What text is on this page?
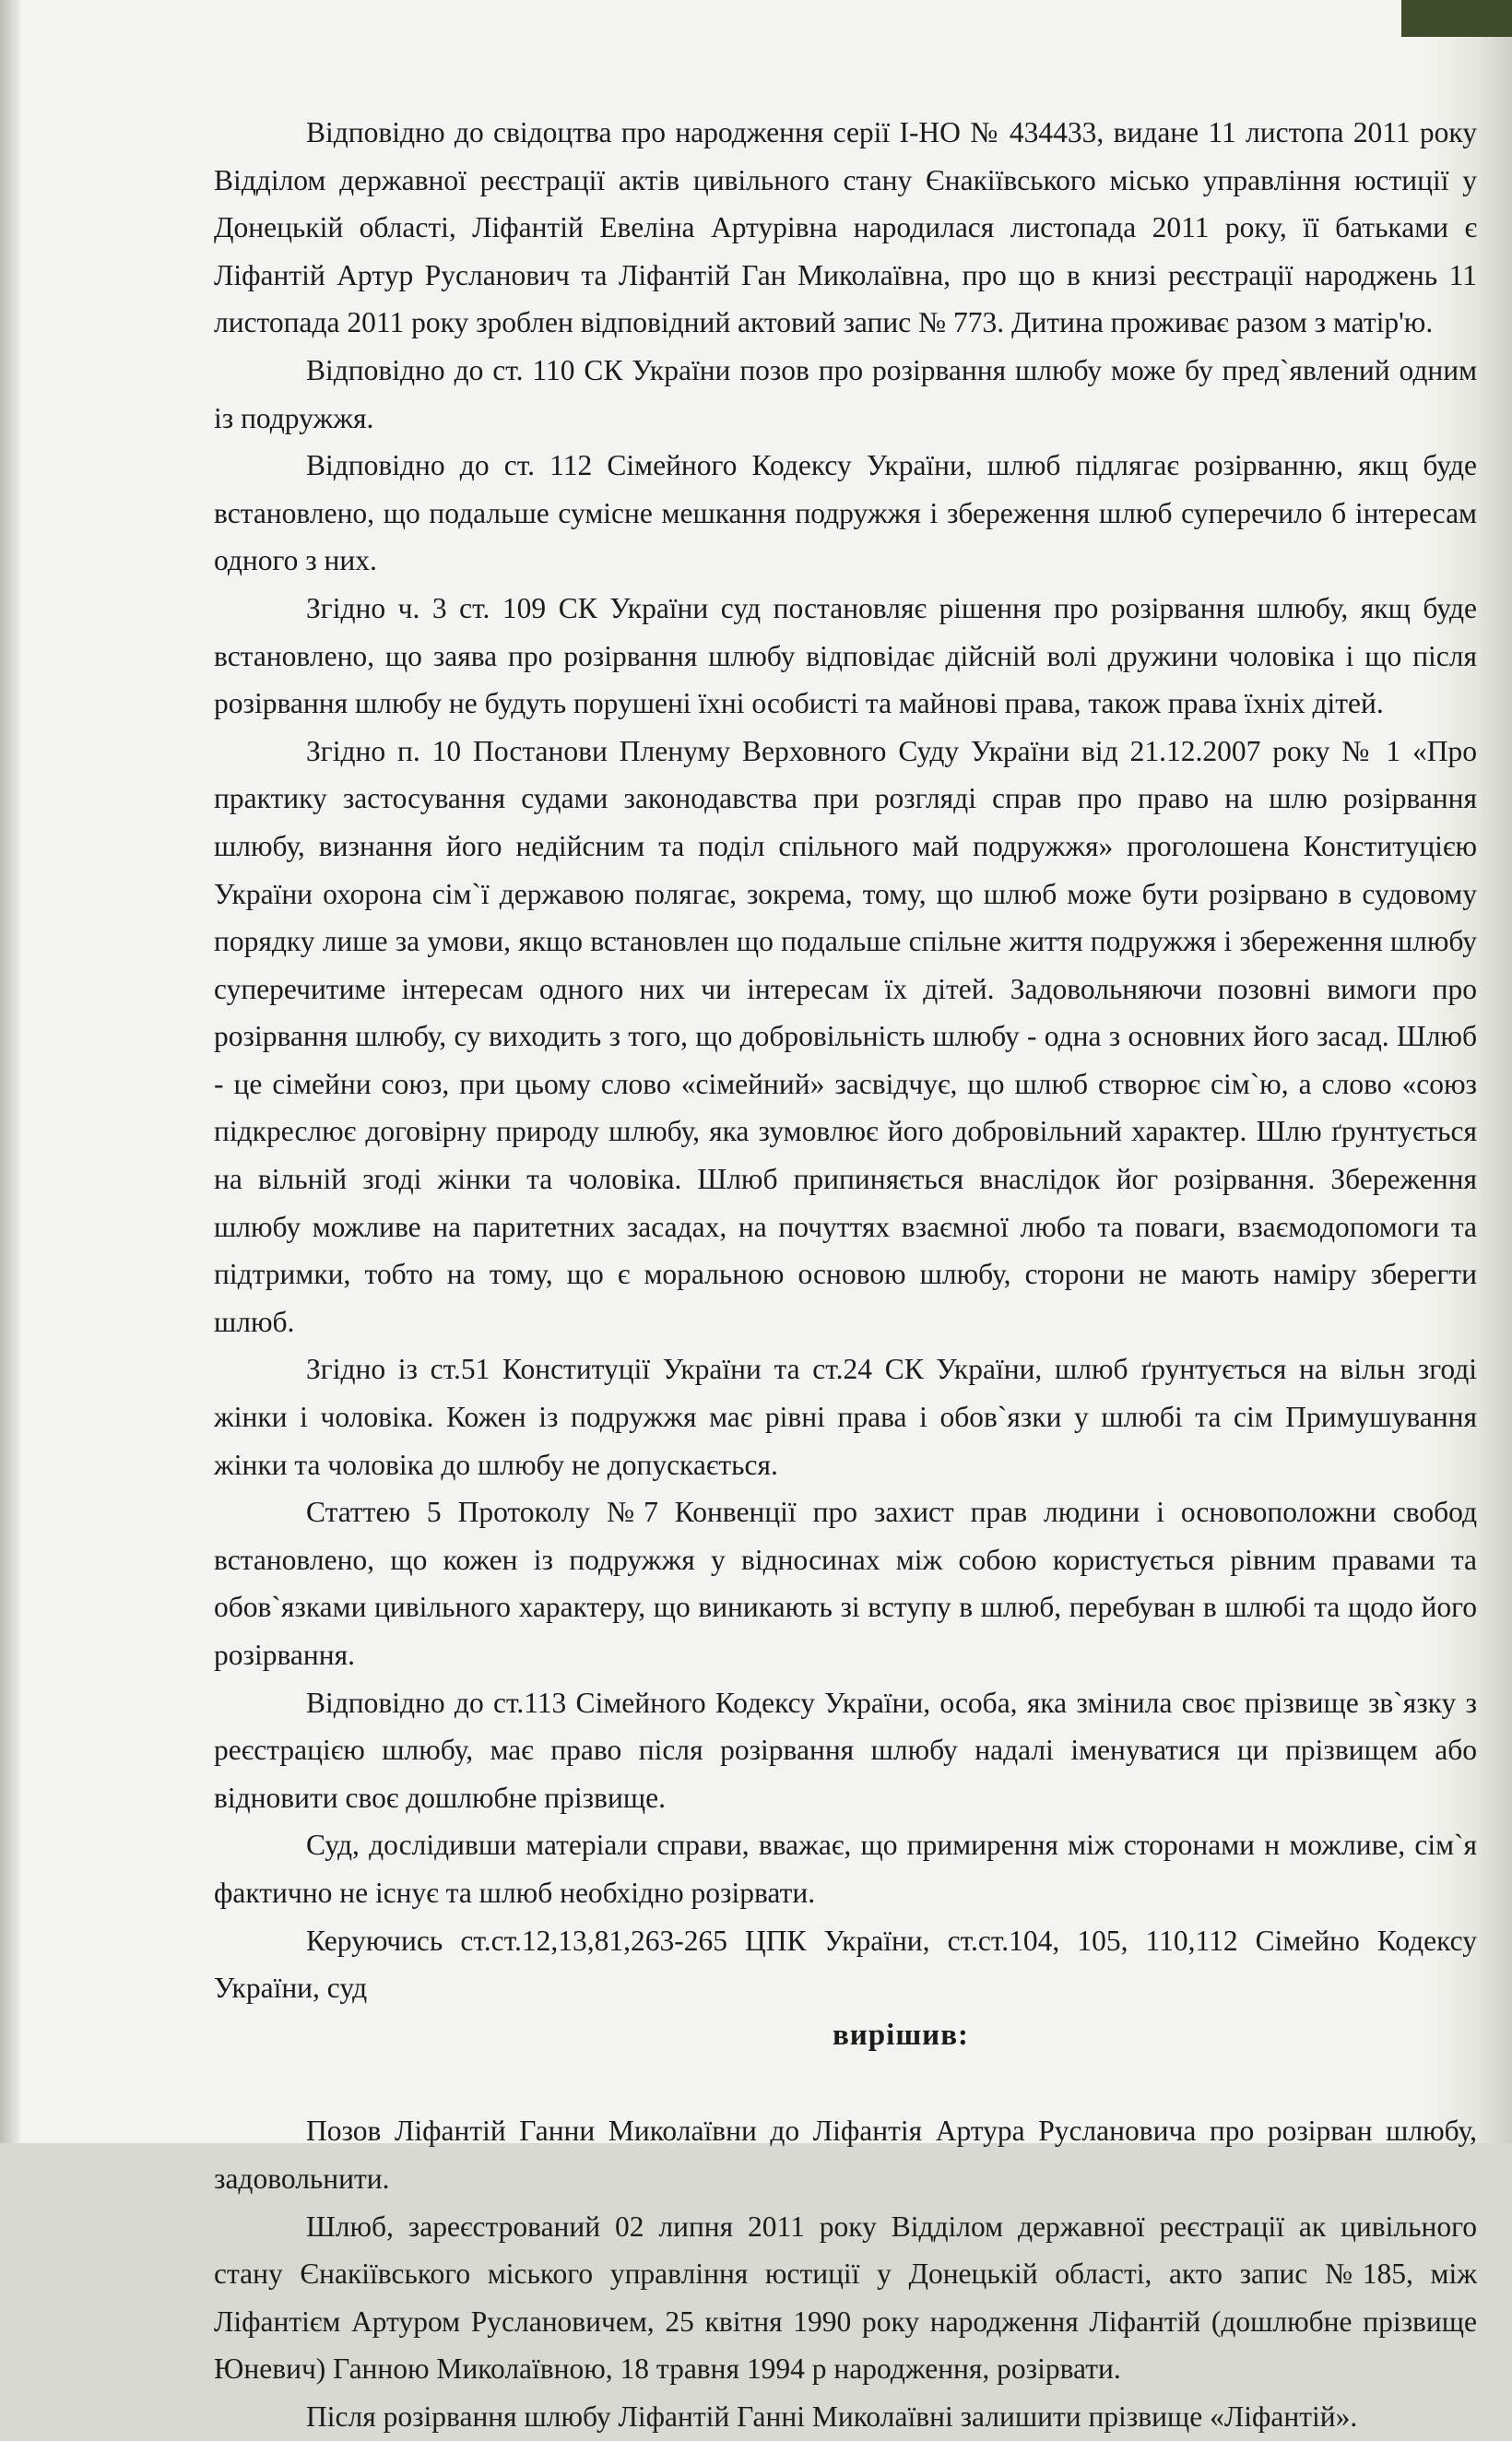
Відповідно до свідоцтва про народження серії І-НО № 434433, видане 11 листопа 2011 року Відділом державної реєстрації актів цивільного стану Єнакіївського місько управління юстиції у Донецькій області, Ліфантій Евеліна Артурівна народилася листопада 2011 року, її батьками є Ліфантій Артур Русланович та Ліфантій Ган Миколаївна, про що в книзі реєстрації народжень 11 листопада 2011 року зроблен відповідний актовий запис № 773. Дитина проживає разом з матір'ю.

Відповідно до ст. 110 СК України позов про розірвання шлюбу може бу пред`явлений одним із подружжя.

Відповідно до ст. 112 Сімейного Кодексу України, шлюб підлягає розірванню, якщ буде встановлено, що подальше сумісне мешкання подружжя і збереження шлюб суперечило б інтересам одного з них.

Згідно ч. 3 ст. 109 СК України суд постановляє рішення про розірвання шлюбу, якщ буде встановлено, що заява про розірвання шлюбу відповідає дійсній волі дружини чоловіка і що після розірвання шлюбу не будуть порушені їхні особисті та майнові права, також права їхніх дітей.

Згідно п. 10 Постанови Пленуму Верховного Суду України від 21.12.2007 року № 1 «Про практику застосування судами законодавства при розгляді справ про право на шлю розірвання шлюбу, визнання його недійсним та поділ спільного май подружжя» проголошена Конституцією України охорона сім`ї державою полягає, зокрема, тому, що шлюб може бути розірвано в судовому порядку лише за умови, якщо встановлен що подальше спільне життя подружжя і збереження шлюбу суперечитиме інтересам одного них чи інтересам їх дітей. Задовольняючи позовні вимоги про розірвання шлюбу, су виходить з того, що добровільність шлюбу - одна з основних його засад. Шлюб - це сімейни союз, при цьому слово «сімейний» засвідчує, що шлюб створює сім`ю, а слово «союз підкреслює договірну природу шлюбу, яка зумовлює його добровільний характер. Шлю ґрунтується на вільній згоді жінки та чоловіка. Шлюб припиняється внаслідок йог розірвання. Збереження шлюбу можливе на паритетних засадах, на почуттях взаємної любо та поваги, взаємодопомоги та підтримки, тобто на тому, що є моральною основою шлюбу, сторони не мають наміру зберегти шлюб.

Згідно із ст.51 Конституції України та ст.24 СК України, шлюб ґрунтується на вільн згоді жінки і чоловіка. Кожен із подружжя має рівні права і обов`язки у шлюбі та сім Примушування жінки та чоловіка до шлюбу не допускається.

Статтею 5 Протоколу №7 Конвенції про захист прав людини і основоположни свобод встановлено, що кожен із подружжя у відносинах між собою користується рівним правами та обов`язками цивільного характеру, що виникають зі вступу в шлюб, перебуван в шлюбі та щодо його розірвання.

Відповідно до ст.113 Сімейного Кодексу України, особа, яка змінила своє прізвище зв`язку з реєстрацією шлюбу, має право після розірвання шлюбу надалі іменуватися ци прізвищем або відновити своє дошлюбне прізвище.

Суд, дослідивши матеріали справи, вважає, що примирення між сторонами н можливе, сім`я фактично не існує та шлюб необхідно розірвати.

Керуючись ст.ст.12,13,81,263-265 ЦПК України, ст.ст.104, 105, 110,112 Сімейно Кодексу України, суд

вирішив:

Позов Ліфантій Ганни Миколаївни до Ліфантія Артура Руслановича про розірван шлюбу, задовольнити.

Шлюб, зареєстрований 02 липня 2011 року Відділом державної реєстрації ак цивільного стану Єнакіївського міського управління юстиції у Донецькій області, акто запис №185, між Ліфантієм Артуром Руслановичем, 25 квітня 1990 року народження Ліфантій (дошлюбне прізвище Юневич) Ганною Миколаївною, 18 травня 1994 р народження, розірвати.

Після розірвання шлюбу Ліфантій Ганні Миколаївні залишити прізвище «Ліфантій».
